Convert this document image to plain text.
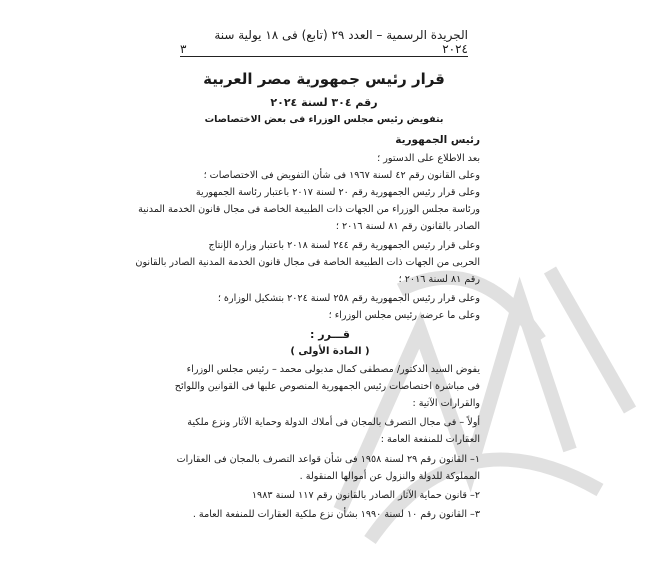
الجريدة الرسمية – العدد ٢٩ (تابع) فى ١٨ يولية سنة ٢٠٢٤
٣
قرار رئيس جمهورية مصر العربية
رقم ٣٠٤ لسنة ٢٠٢٤
بتفويض رئيس مجلس الوزراء فى بعض الاختصاصات
رئيس الجمهورية
بعد الاطلاع على الدستور ؛
وعلى القانون رقم ٤٢ لسنة ١٩٦٧ فى شأن التفويض فى الاختصاصات ؛
وعلى قرار رئيس الجمهورية رقم ٢٠ لسنة ٢٠١٧ باعتبار رئاسة الجمهورية
ورئاسة مجلس الوزراء من الجهات ذات الطبيعة الخاصة فى مجال قانون الخدمة المدنية
الصادر بالقانون رقم ٨١ لسنة ٢٠١٦ ؛
وعلى قرار رئيس الجمهورية رقم ٢٤٤ لسنة ٢٠١٨ باعتبار وزارة الإنتاج
الحربى من الجهات ذات الطبيعة الخاصة فى مجال قانون الخدمة المدنية الصادر بالقانون
رقم ٨١ لسنة ٢٠١٦ ؛
وعلى قرار رئيس الجمهورية رقم ٢٥٨ لسنة ٢٠٢٤ بتشكيل الوزارة ؛
وعلى ما عرضه رئيس مجلس الوزراء ؛
قـــرر :
( المادة الأولى )
يفوض السيد الدكتور/ مصطفى كمال مدبولى محمد – رئيس مجلس الوزراء
فى مباشرة اختصاصات رئيس الجمهورية المنصوص عليها فى القوانين واللوائح
والقرارات الآتية :
أولاً – فى مجال التصرف بالمجان فى أملاك الدولة وحماية الآثار ونزع ملكية
العقارات للمنفعة العامة :
١– القانون رقم ٢٩ لسنة ١٩٥٨ فى شأن قواعد التصرف بالمجان فى العقارات
المملوكة للدولة والنزول عن أموالها المنقولة .
٢– قانون حماية الآثار الصادر بالقانون رقم ١١٧ لسنة ١٩٨٣
٣– القانون رقم ١٠ لسنة ١٩٩٠ بشأن نزع ملكية العقارات للمنفعة العامة .
